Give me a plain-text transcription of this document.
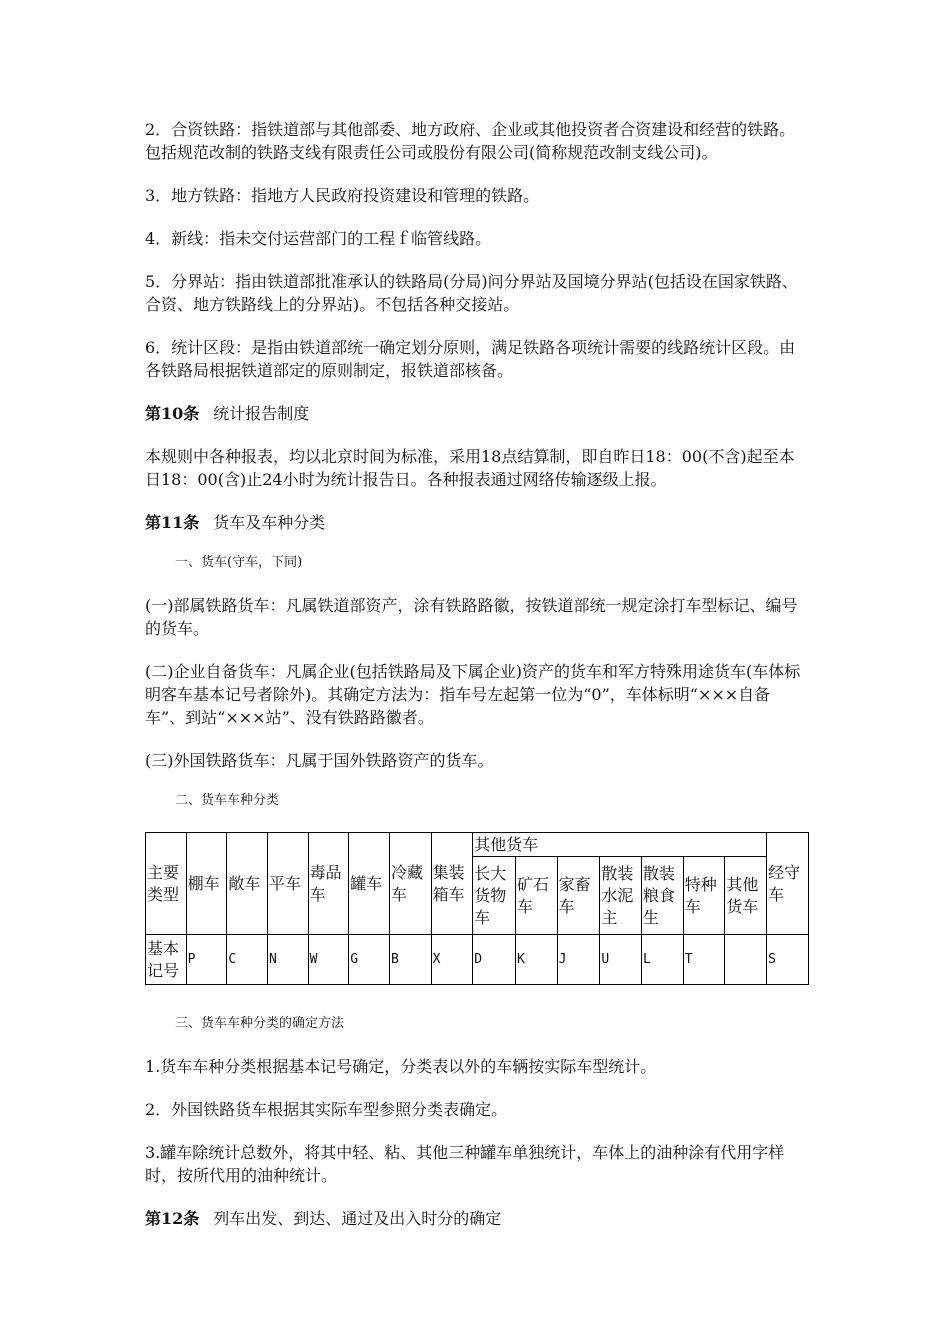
2．合资铁路：指铁道部与其他部委、地方政府、企业或其他投资者合资建设和经营的铁路。包括规范改制的铁路支线有限责任公司或股份有限公司(简称规范改制支线公司)。

3．地方铁路：指地方人民政府投资建设和管理的铁路。

4．新线：指未交付运营部门的工程ｆ临管线路。

5．分界站：指由铁道部批准承认的铁路局(分局)问分界站及国境分界站(包括设在国家铁路、合资、地方铁路线上的分界站)。不包括各种交接站。

6．统计区段：是指由铁道部统一确定划分原则，满足铁路各项统计需要的线路统计区段。由各铁路局根据铁道部定的原则制定，报铁道部核备。

第10条 统计报告制度

本规则中各种报表，均以北京时间为标准，采用18点结算制，即自昨日18：00(不含)起至本日18：00(含)止24小时为统计报告日。各种报表通过网络传输逐级上报。

第11条 货车及车种分类

一、货车(守车，下同)

(一)部属铁路货车：凡属铁道部资产，涂有铁路路徽，按铁道部统一规定涂打车型标记、编号的货车。

(二)企业自备货车：凡属企业(包括铁路局及下属企业)资产的货车和军方特殊用途货车(车体标明客车基本记号者除外)。其确定方法为：指车号左起第一位为“0”，车体标明“×××自备车”、到站“×××站”、没有铁路路徽者。

(三)外国铁路货车：凡属于国外铁路资产的货车。

二、货车车种分类

主要类型	棚车	敞车	平车	毒品车	罐车	冷藏车	集装箱车	其他货车							经守车
								长大货物车	矿石车	家畜车	散装水泥主	散装粮食生	特种车	其他货车	
基本记号	P	C	N	W	G	B	X	D	K	J	U	L	T		S

三、货车车种分类的确定方法

1.货车车种分类根据基本记号确定，分类表以外的车辆按实际车型统计。

2．外国铁路货车根据其实际车型参照分类表确定。

3.罐车除统计总数外，将其中轻、粘、其他三种罐车单独统计，车体上的油种涂有代用字样时，按所代用的油种统计。

第12条 列车出发、到达、通过及出入时分的确定
